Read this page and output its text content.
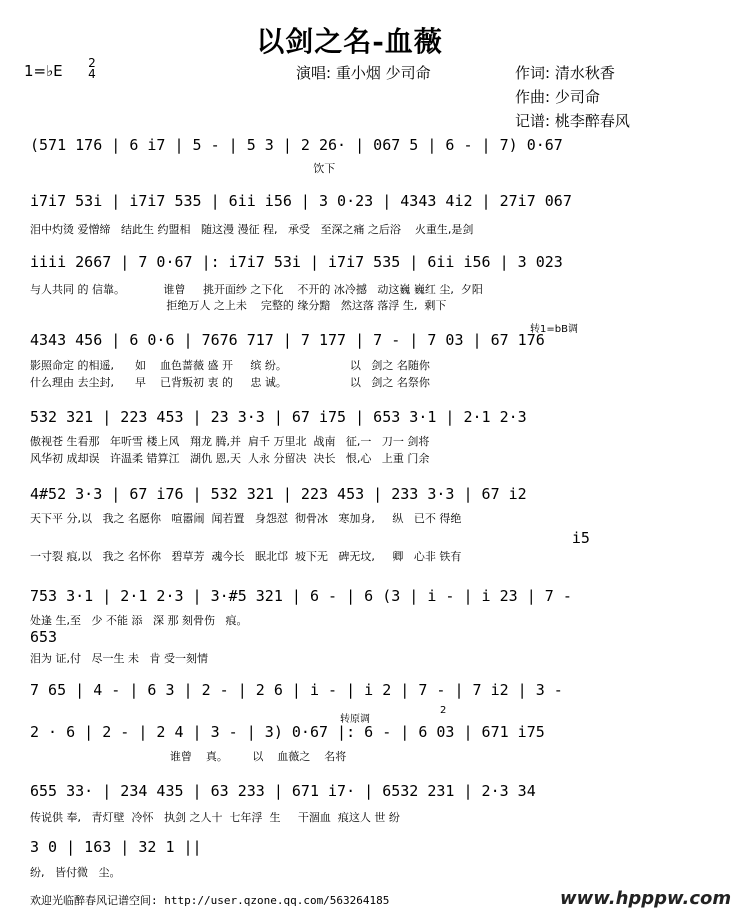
以剑之名-血薇
1=♭E 2
4	演唱: 重小烟 少司命	作词: 清水秋香
作曲: 少司命
记谱: 桃李醉春风
(571 176 | 6 i7 | 5 - | 5 3 | 2 26· | 067 5 | 6 - | 7) 0·67
饮下
i7i7 53i | i7i7 535 | 6ii i56 | 3 0·23 | 4343 4i2 | 27i7 067
泪中灼烫 爱憎缔   结此生 约盟相   随这漫 漫征 程,   承受   至深之痛 之后浴    火重生,是剑
iiii 2667 | 7 0·67 |: i7i7 53i | i7i7 535 | 6ii i56 | 3 023
与人共同 的 信靠。           谁曾     挑开面纱 之下化    不开的 冰冷撼   动这巍 巍红 尘,  夕阳
拒绝万人 之上未    完整的 缘分黯   然这落 落浮 生,  剩下
转1=bB调
4343 456 | 6 0·6 | 7676 717 | 7 177 | 7 - | 7 03 | 67 176
影照命定 的相遥,      如    血色蔷薇 盛 开     缤 纷。                  以   剑之 名随你
什么理由 去尘封,      早    已背叛初 衷 的     忠 诚。                  以   剑之 名祭你
532 321 | 223 453 | 23 3·3 | 67 i75 | 653 3·1 | 2·1 2·3
傲视苍 生看那   年听雪 楼上风   翔龙 腾,并  肩千 万里北  战南   征,一   刀一 剑将
风华初 成却误   许温柔 错算江   湖仇 恩,天  人永 分留决  决长   恨,心   上重 门余
4#52 3·3 | 67 i76 | 532 321 | 223 453 | 233 3·3 | 67 i2
天下平 分,以   我之 名愿你   喧嚣闹  闻若置   身怨怼  彻骨冰   寒加身,     纵   已不 得绝
i5
一寸裂 痕,以   我之 名怀你   碧草芳  魂今长   眠北邙  坡下无   碑无坟,     卿   心非 铁有
753 3·1 | 2·1 2·3 | 3·#5 321 | 6 - | 6 (3 | i - | i 23 | 7 -
处逢 生,至   少 不能 添   深 那 刻骨伤   痕。
653
泪为 证,付   尽一生 未   肯 受一刻情
7 65 | 4 - | 6 3 | 2 - | 2 6 | i - | i 2 | 7 - | 7 i2 | 3 -
转原调
2
2 · 6 | 2 - | 2 4 | 3 - | 3) 0·67 |: 6 - | 6 03 | 671 i75
谁曾    真。       以    血薇之    名将
655 33· | 234 435 | 63 233 | 671 i7· | 6532 231 | 2·3 34
传说供 奉,   青灯壁  冷怀   执剑 之人十  七年浮  生     干涸血  痕这人 世 纷
3 0 | 163 | 32 1 ||
纷,   皆付微   尘。
欢迎光临醉春风记谱空间: http://user.qzone.qq.com/563264185	www.hpppw.com
